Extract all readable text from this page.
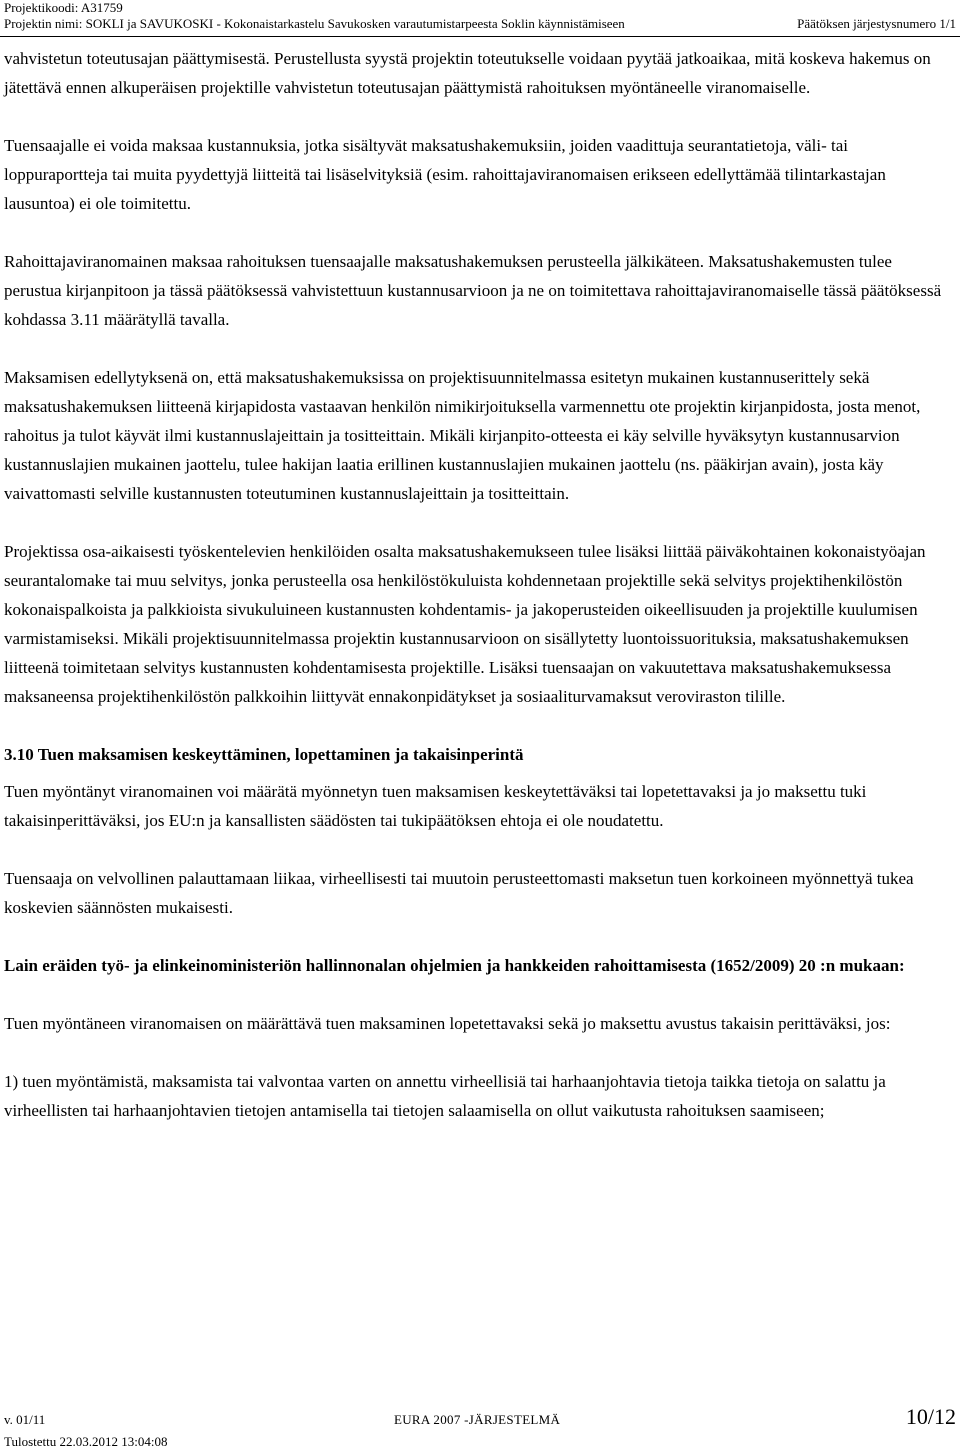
Projektikoodi: A31759
Projektin nimi: SOKLI ja SAVUKOSKI - Kokonaistarkastelu Savukosken varautumistarpeesta Soklin käynnistämiseen	Päätöksen järjestysnumero 1/1

vahvistetun toteutusajan päättymisestä. Perustellusta syystä projektin toteutukselle voidaan pyytää jatkoaikaa, mitä koskeva hakemus on jätettävä ennen alkuperäisen projektille vahvistetun toteutusajan päättymistä rahoituksen myöntäneelle viranomaiselle.

Tuensaajalle ei voida maksaa kustannuksia, jotka sisältyvät maksatushakemuksiin, joiden vaadittuja seurantatietoja, väli- tai loppuraportteja tai muita pyydettyjä liitteitä tai lisäselvityksiä (esim. rahoittajaviranomaisen erikseen edellyttämää tilintarkastajan lausuntoa) ei ole toimitettu.

Rahoittajaviranomainen maksaa rahoituksen tuensaajalle maksatushakemuksen perusteella jälkikäteen. Maksatushakemusten tulee perustua kirjanpitoon ja tässä päätöksessä vahvistettuun kustannusarvioon ja ne on toimitettava rahoittajaviranomaiselle tässä päätöksessä kohdassa 3.11 määrätyllä tavalla.

Maksamisen edellytyksenä on, että maksatushakemuksissa on projektisuunnitelmassa esitetyn mukainen kustannuserittely sekä maksatushakemuksen liitteenä kirjapidosta vastaavan henkilön nimikirjoituksella varmennettu ote projektin kirjanpidosta, josta menot, rahoitus ja tulot käyvät ilmi kustannuslajeittain ja tositteittain. Mikäli kirjanpito-otteesta ei käy selville hyväksytyn kustannusarvion kustannuslajien mukainen jaottelu, tulee hakijan laatia erillinen kustannuslajien mukainen jaottelu (ns. pääkirjan avain), josta käy vaivattomasti selville kustannusten toteutuminen kustannuslajeittain ja tositteittain.

Projektissa osa-aikaisesti työskentelevien henkilöiden osalta maksatushakemukseen tulee lisäksi liittää päiväkohtainen kokonaistyöajan seurantalomake tai muu selvitys, jonka perusteella osa henkilöstökuluista kohdennetaan projektille sekä selvitys projektihenkilöstön kokonaispalkoista ja palkkioista sivukuluineen kustannusten kohdentamis- ja jakoperusteiden oikeellisuuden ja projektille kuulumisen varmistamiseksi. Mikäli projektisuunnitelmassa projektin kustannusarvioon on sisällytetty luontoissuorituksia, maksatushakemuksen liitteenä toimitetaan selvitys kustannusten kohdentamisesta projektille. Lisäksi tuensaajan on vakuutettava maksatushakemuksessa maksaneensa projektihenkilöstön palkkoihin liittyvät ennakonpidätykset ja sosiaaliturvamaksut veroviraston tilille.

3.10 Tuen maksamisen keskeyttäminen, lopettaminen ja takaisinperintä

Tuen myöntänyt viranomainen voi määrätä myönnetyn tuen maksamisen keskeytettäväksi tai lopetettavaksi ja jo maksettu tuki takaisinperittäväksi, jos EU:n ja kansallisten säädösten tai tukipäätöksen ehtoja ei ole noudatettu.

Tuensaaja on velvollinen palauttamaan liikaa, virheellisesti tai muutoin perusteettomasti maksetun tuen korkoineen myönnettyä tukea koskevien säännösten mukaisesti.

Lain eräiden työ- ja elinkeinoministeriön hallinnonalan ohjelmien ja hankkeiden rahoittamisesta (1652/2009) 20 :n mukaan:

Tuen myöntäneen viranomaisen on määrättävä tuen maksaminen lopetettavaksi sekä jo maksettu avustus takaisin perittäväksi, jos:

1) tuen myöntämistä, maksamista tai valvontaa varten on annettu virheellisiä tai harhaanjohtavia tietoja taikka tietoja on salattu ja virheellisten tai harhaanjohtavien tietojen antamisella tai tietojen salaamisella on ollut vaikutusta rahoituksen saamiseen;

v. 01/11	EURA 2007 -JÄRJESTELMÄ	10/12
Tulostettu 22.03.2012 13:04:08
